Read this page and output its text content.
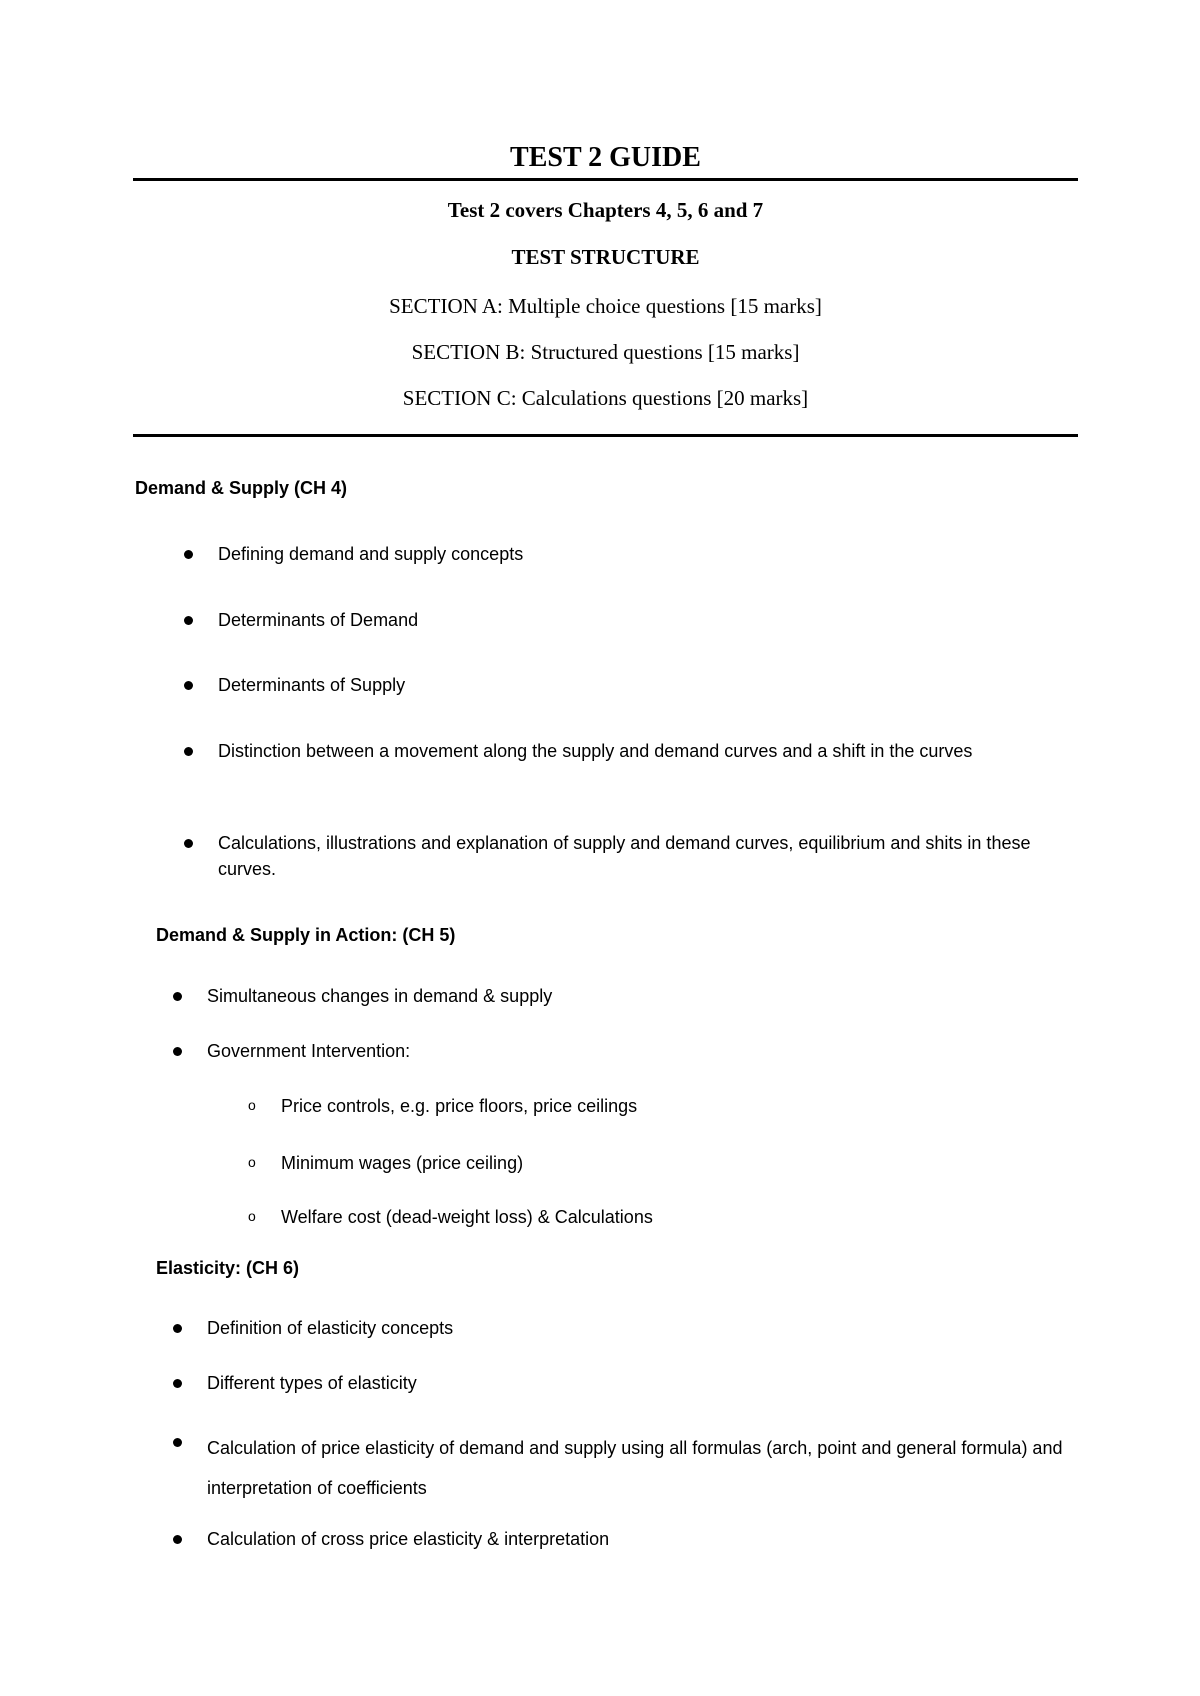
TEST 2 GUIDE
Test 2 covers Chapters 4, 5, 6 and 7
TEST STRUCTURE
SECTION A: Multiple choice questions [15 marks]
SECTION B: Structured questions [15 marks]
SECTION C: Calculations questions [20 marks]
Demand & Supply (CH 4)
Defining demand and supply concepts
Determinants of Demand
Determinants of Supply
Distinction between a movement along the supply and demand curves and a shift in the curves
Calculations, illustrations and explanation of supply and demand curves, equilibrium and shits in these curves.
Demand & Supply in Action: (CH 5)
Simultaneous changes in demand & supply
Government Intervention:
o Price controls, e.g. price floors, price ceilings
o Minimum wages (price ceiling)
o Welfare cost (dead-weight loss) & Calculations
Elasticity: (CH 6)
Definition of elasticity concepts
Different types of elasticity
Calculation of price elasticity of demand and supply using all formulas (arch, point and general formula) and interpretation of coefficients
Calculation of cross price elasticity & interpretation
